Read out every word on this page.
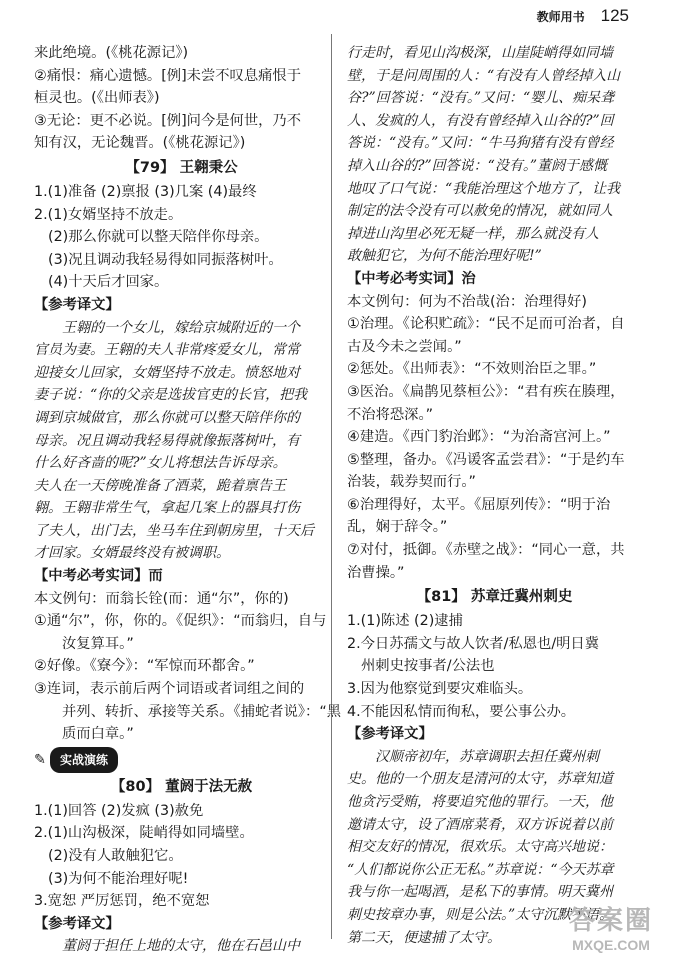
教师用书 125
来此绝境。(《桃花源记》)
②痛恨：痛心遗憾。[例]未尝不叹息痛恨于
桓灵也。(《出师表》)
③无论：更不必说。[例]问今是何世，乃不
知有汉，无论魏晋。(《桃花源记》)
【79】 王翱秉公
1.(1)准备 (2)禀报 (3)几案 (4)最终
2.(1)女婿坚持不放走。
(2)那么你就可以整天陪伴你母亲。
(3)况且调动我轻易得如同振落树叶。
(4)十天后才回家。
【参考译文】
王翱的一个女儿，嫁给京城附近的一个
官员为妻。王翱的夫人非常疼爱女儿，常常
迎接女儿回家，女婿坚持不放走。愤怒地对
妻子说：“你的父亲是选拔官吏的长官，把我
调到京城做官，那么你就可以整天陪伴你的
母亲。况且调动我轻易得就像振落树叶，有
什么好吝啬的呢?”女儿将想法告诉母亲。
夫人在一天傍晚准备了酒菜，跪着禀告王
翱。王翱非常生气，拿起几案上的器具打伤
了夫人，出门去，坐马车住到朝房里，十天后
才回家。女婿最终没有被调职。
【中考必考实词】而
本文例句：而翁长铨(而：通“尔”，你的)
①通“尔”，你，你的。《促织》：“而翁归，自与
汝复算耳。”
②好像。《寮今》：“军惊而环都舍。”
③连词，表示前后两个词语或者词组之间的
并列、转折、承接等关系。《捕蛇者说》：“黑
质而白章。”
✎	实战演练
【80】 董阏于法无赦
1.(1)回答 (2)发疯 (3)赦免
2.(1)山沟极深，陡峭得如同墙壁。
(2)没有人敢触犯它。
(3)为何不能治理好呢!
3.宽恕 严厉惩罚，绝不宽恕
【参考译文】
董阏于担任上地的太守，他在石邑山中
行走时，看见山沟极深，山崖陡峭得如同墙
壁，于是问周围的人：“有没有人曾经掉入山
谷?”回答说：“没有。”又问：“婴儿、痴呆聋
人、发疯的人，有没有曾经掉入山谷的?”回
答说：“没有。”又问：“牛马狗猪有没有曾经
掉入山谷的?”回答说：“没有。”董阏于感慨
地叹了口气说：“我能治理这个地方了，让我
制定的法令没有可以赦免的情况，就如同人
掉进山沟里必死无疑一样，那么就没有人
敢触犯它，为何不能治理好呢!”
【中考必考实词】治
本文例句：何为不治哉(治：治理得好)
①治理。《论积贮疏》：“民不足而可治者，自
古及今未之尝闻。”
②惩处。《出师表》：“不效则治臣之罪。”
③医治。《扁鹊见蔡桓公》：“君有疾在腠理，
不治将恐深。”
④建造。《西门豹治邺》：“为治斋宫河上。”
⑤整理，备办。《冯谖客孟尝君》：“于是约车
治装，载券契而行。”
⑥治理得好，太平。《屈原列传》：“明于治
乱，娴于辞令。”
⑦对付，抵御。《赤壁之战》：“同心一意，共
治曹操。”
【81】 苏章迁冀州刺史
1.(1)陈述 (2)逮捕
2.今日苏孺文与故人饮者/私恩也/明日冀
州刺史按事者/公法也
3.因为他察觉到要灾难临头。
4.不能因私情而徇私，要公事公办。
【参考译文】
汉顺帝初年，苏章调职去担任冀州刺
史。他的一个朋友是清河的太守，苏章知道
他贪污受贿，将要追究他的罪行。一天，他
邀请太守，设了酒席菜肴，双方诉说着以前
相交友好的情况，很欢乐。太守高兴地说：
“人们都说你公正无私。”苏章说：“今天苏章
我与你一起喝酒，是私下的事情。明天冀州
刺史按章办事，则是公法。”太守沉默不语。
第二天，便逮捕了太守。
答案圈
MXQE.COM
